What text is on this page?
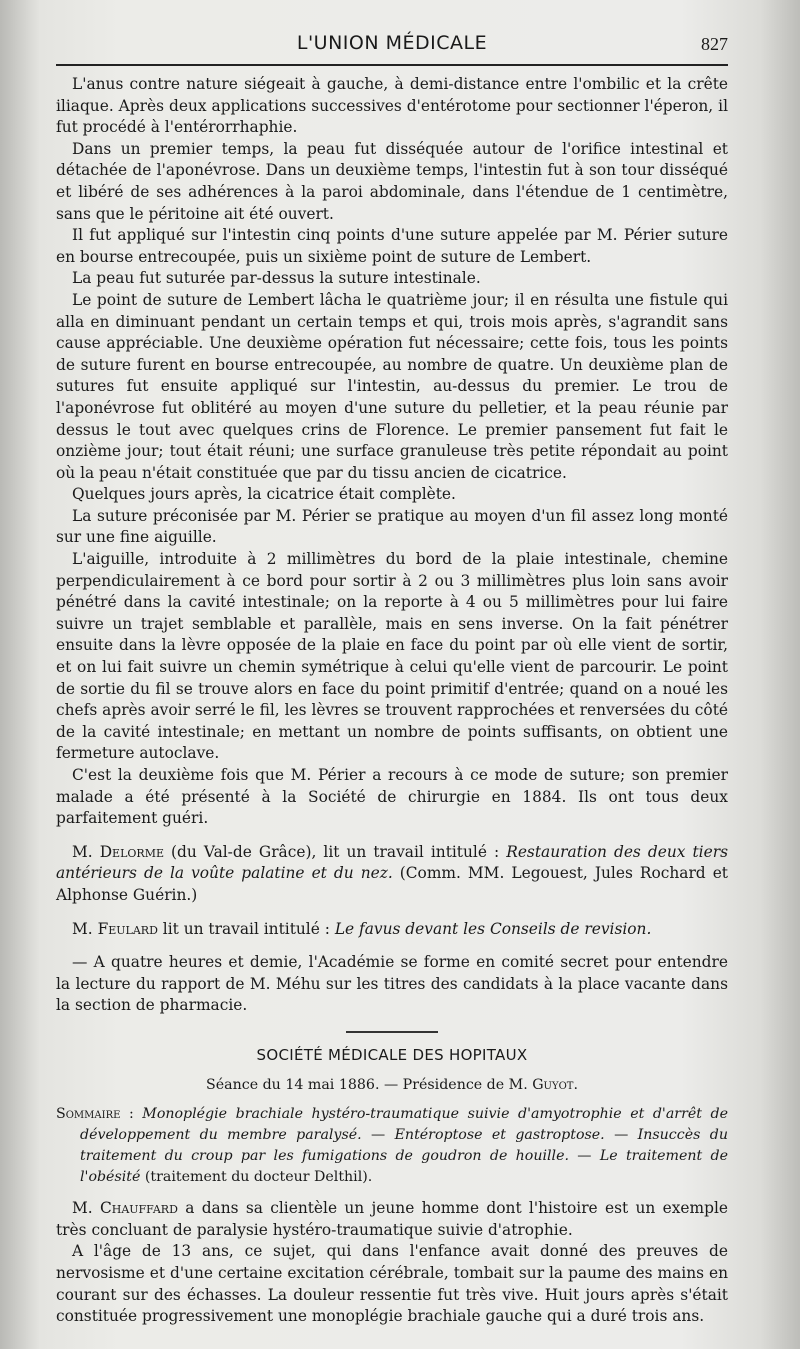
L'UNION MÉDICALE	827

L'anus contre nature siégeait à gauche, à demi-distance entre l'ombilic et la crête iliaque. Après deux applications successives d'entérotome pour sectionner l'éperon, il fut procédé à l'entérorrhaphie.

Dans un premier temps, la peau fut disséquée autour de l'orifice intestinal et détachée de l'aponévrose. Dans un deuxième temps, l'intestin fut à son tour disséqué et libéré de ses adhérences à la paroi abdominale, dans l'étendue de 1 centimètre, sans que le péritoine ait été ouvert.

Il fut appliqué sur l'intestin cinq points d'une suture appelée par M. Périer suture en bourse entrecoupée, puis un sixième point de suture de Lembert.

La peau fut suturée par-dessus la suture intestinale.

Le point de suture de Lembert lâcha le quatrième jour; il en résulta une fistule qui alla en diminuant pendant un certain temps et qui, trois mois après, s'agrandit sans cause appréciable. Une deuxième opération fut nécessaire; cette fois, tous les points de suture furent en bourse entrecoupée, au nombre de quatre. Un deuxième plan de sutures fut ensuite appliqué sur l'intestin, au-dessus du premier. Le trou de l'aponévrose fut oblitéré au moyen d'une suture du pelletier, et la peau réunie par dessus le tout avec quelques crins de Florence. Le premier pansement fut fait le onzième jour; tout était réuni; une surface granuleuse très petite répondait au point où la peau n'était constituée que par du tissu ancien de cicatrice.

Quelques jours après, la cicatrice était complète.

La suture préconisée par M. Périer se pratique au moyen d'un fil assez long monté sur une fine aiguille.

L'aiguille, introduite à 2 millimètres du bord de la plaie intestinale, chemine perpendiculairement à ce bord pour sortir à 2 ou 3 millimètres plus loin sans avoir pénétré dans la cavité intestinale; on la reporte à 4 ou 5 millimètres pour lui faire suivre un trajet semblable et parallèle, mais en sens inverse. On la fait pénétrer ensuite dans la lèvre opposée de la plaie en face du point par où elle vient de sortir, et on lui fait suivre un chemin symétrique à celui qu'elle vient de parcourir. Le point de sortie du fil se trouve alors en face du point primitif d'entrée; quand on a noué les chefs après avoir serré le fil, les lèvres se trouvent rapprochées et renversées du côté de la cavité intestinale; en mettant un nombre de points suffisants, on obtient une fermeture autoclave.

C'est la deuxième fois que M. Périer a recours à ce mode de suture; son premier malade a été présenté à la Société de chirurgie en 1884. Ils ont tous deux parfaitement guéri.

M. Delorme (du Val-de Grâce), lit un travail intitulé : Restauration des deux tiers antérieurs de la voûte palatine et du nez. (Comm. MM. Legouest, Jules Rochard et Alphonse Guérin.)

M. Feulard lit un travail intitulé : Le favus devant les Conseils de revision.

— A quatre heures et demie, l'Académie se forme en comité secret pour entendre la lecture du rapport de M. Méhu sur les titres des candidats à la place vacante dans la section de pharmacie.

SOCIÉTÉ MÉDICALE DES HOPITAUX
Séance du 14 mai 1886. — Présidence de M. Guyot.
Sommaire : Monoplégie brachiale hystéro-traumatique suivie d'amyotrophie et d'arrêt de développement du membre paralysé. — Entéroptose et gastroptose. — Insuccès du traitement du croup par les fumigations de goudron de houille. — Le traitement de l'obésité (traitement du docteur Delthil).

M. Chauffard a dans sa clientèle un jeune homme dont l'histoire est un exemple très concluant de paralysie hystéro-traumatique suivie d'atrophie.

A l'âge de 13 ans, ce sujet, qui dans l'enfance avait donné des preuves de nervosisme et d'une certaine excitation cérébrale, tombait sur la paume des mains en courant sur des échasses. La douleur ressentie fut très vive. Huit jours après s'était constituée progressivement une monoplégie brachiale gauche qui a duré trois ans.
